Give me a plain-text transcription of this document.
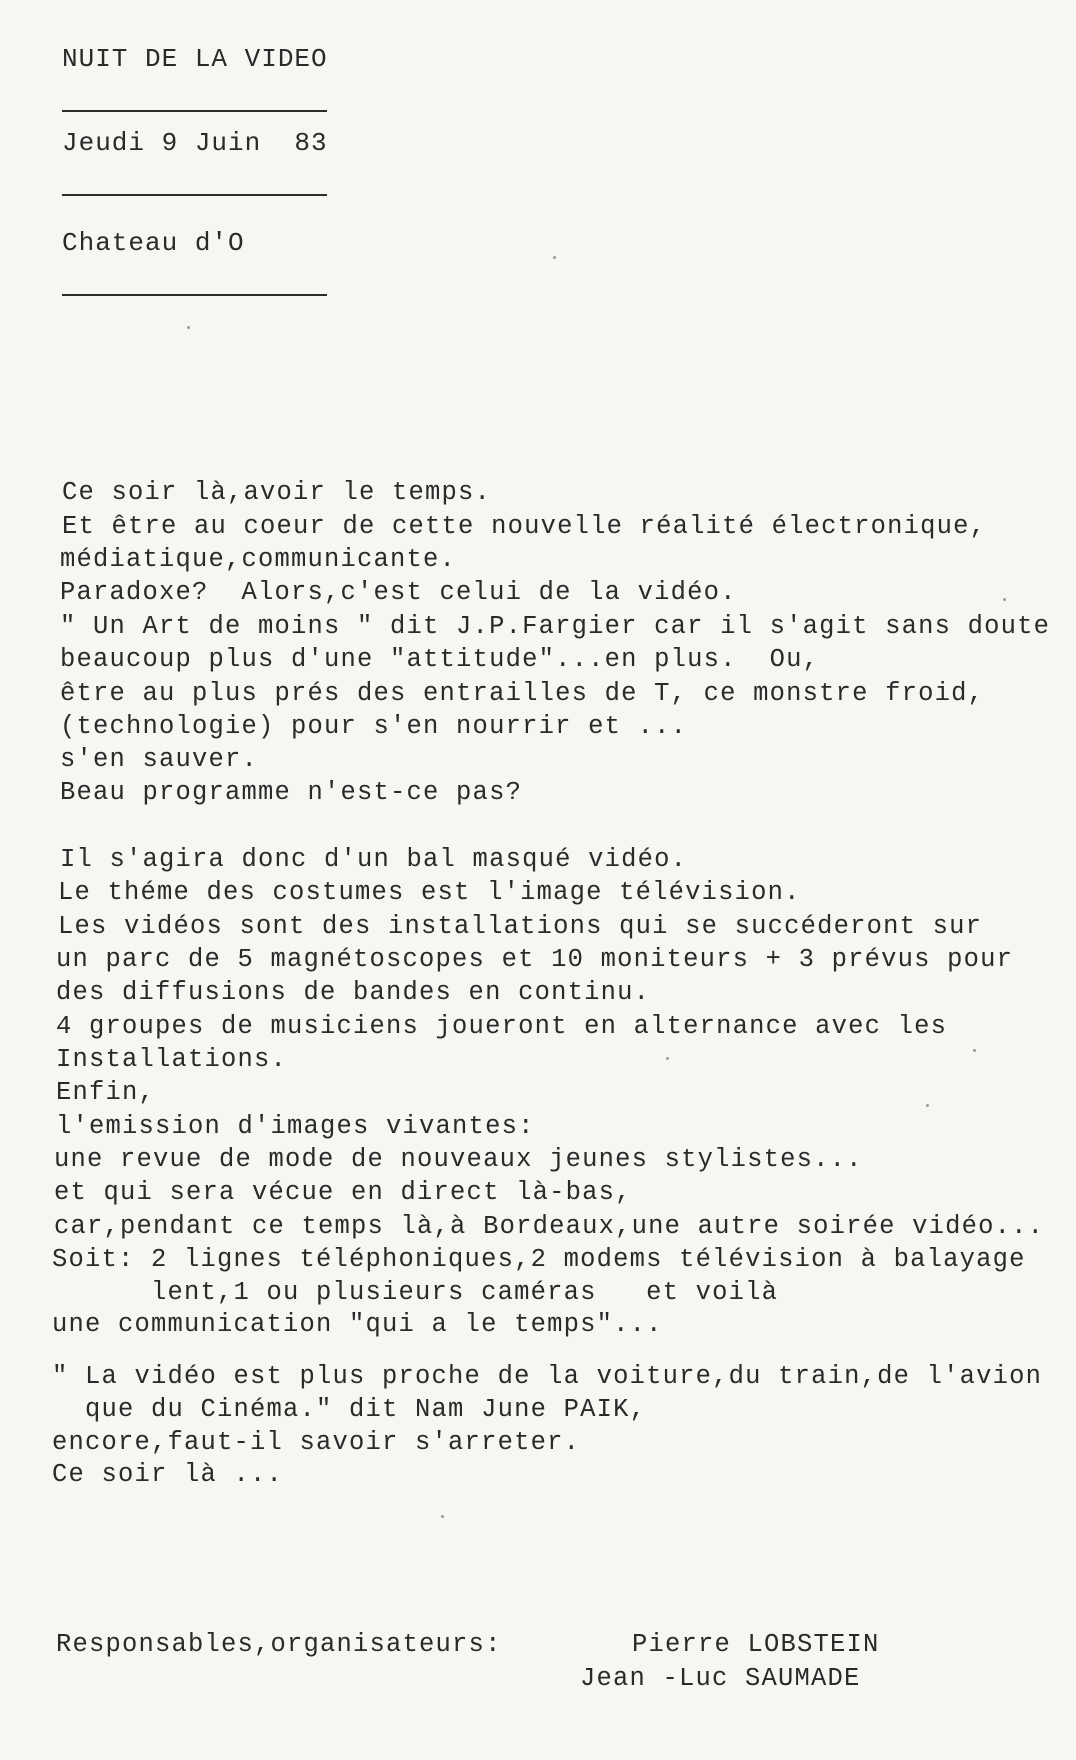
NUIT DE LA VIDEO
Jeudi 9 Juin  83
Chateau d'O
Ce soir là,avoir le temps.
Et être au coeur de cette nouvelle réalité électronique,
médiatique,communicante.
Paradoxe?  Alors,c'est celui de la vidéo.
" Un Art de moins " dit J.P.Fargier car il s'agit sans doute
beaucoup plus d'une "attitude"...en plus.  Ou,
être au plus prés des entrailles de T, ce monstre froid,
(technologie) pour s'en nourrir et ...
s'en sauver.
Beau programme n'est-ce pas?
Il s'agira donc d'un bal masqué vidéo.
Le théme des costumes est l'image télévision.
Les vidéos sont des installations qui se succéderont sur
un parc de 5 magnétoscopes et 10 moniteurs + 3 prévus pour
des diffusions de bandes en continu.
4 groupes de musiciens joueront en alternance avec les
Installations.
Enfin,
l'emission d'images vivantes:
une revue de mode de nouveaux jeunes stylistes...
et qui sera vécue en direct là-bas,
car,pendant ce temps là,à Bordeaux,une autre soirée vidéo...
Soit: 2 lignes téléphoniques,2 modems télévision à balayage
lent,1 ou plusieurs caméras   et voilà
une communication "qui a le temps"...
" La vidéo est plus proche de la voiture,du train,de l'avion
que du Cinéma." dit Nam June PAIK,
encore,faut-il savoir s'arreter.
Ce soir là ...
Responsables,organisateurs:	Pierre LOBSTEIN
Jean -Luc SAUMADE
